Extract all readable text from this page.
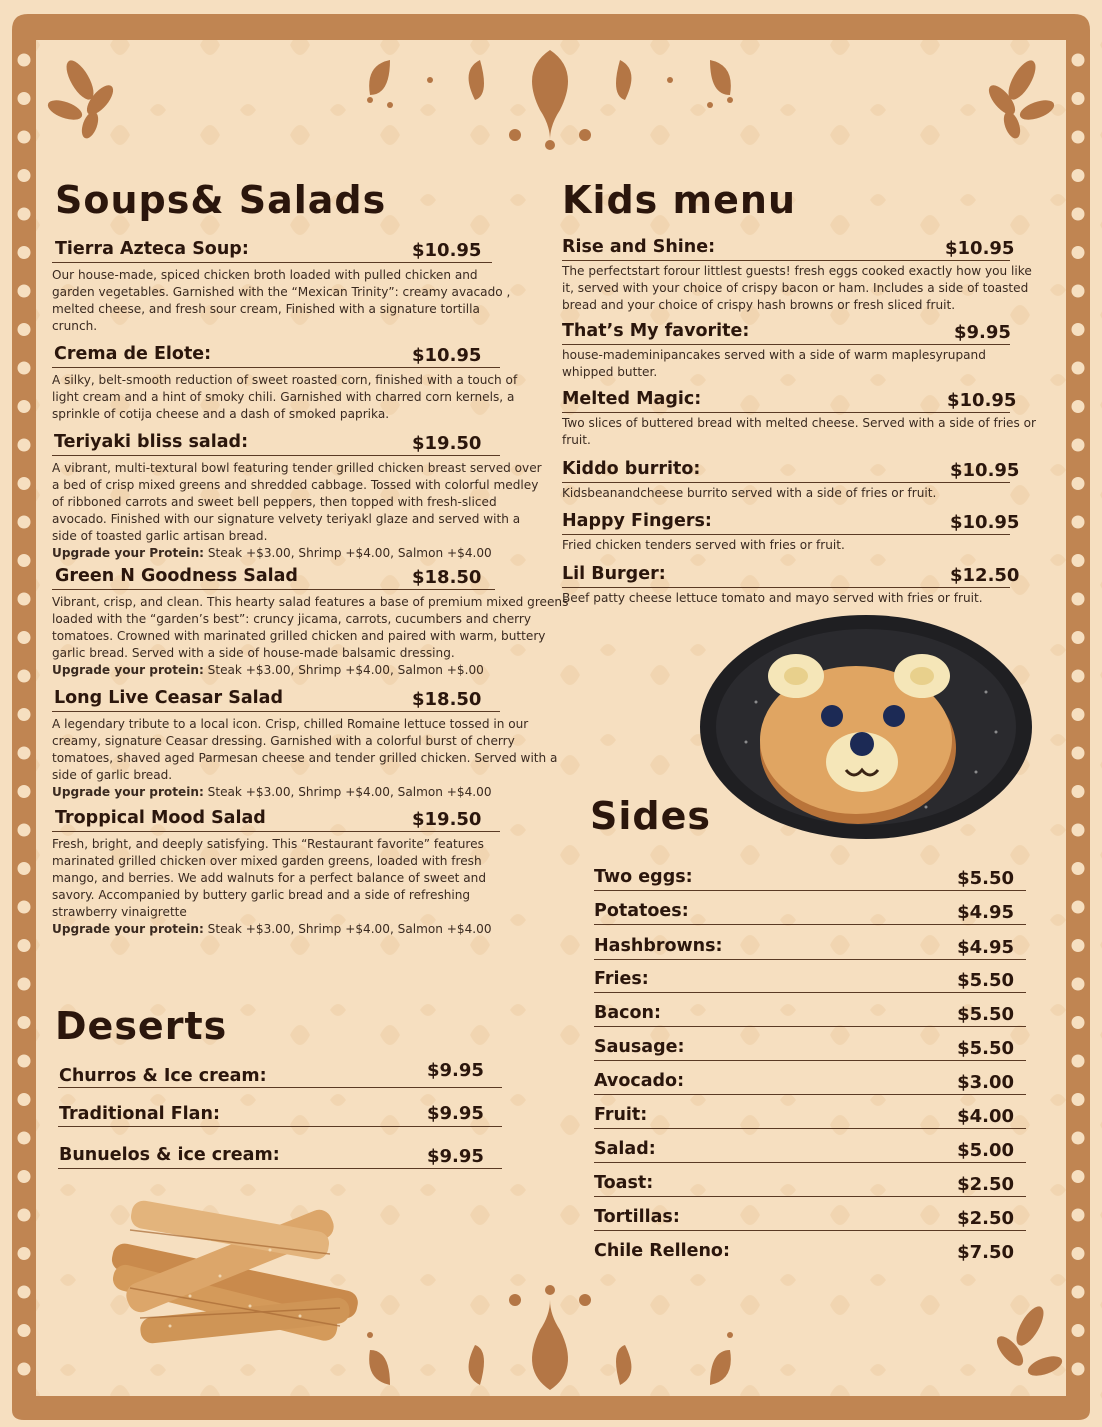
Soups& Salads
Tierra Azteca Soup:	$10.95
Our house-made, spiced chicken broth loaded with pulled chicken and garden vegetables. Garnished with the “Mexican Trinity”: creamy avacado , melted cheese, and fresh sour cream, Finished with a signature tortilla crunch.
Crema de Elote:	$10.95
A silky, belt-smooth reduction of sweet roasted corn, finished with a touch of light cream and a hint of smoky chili. Garnished with charred corn kernels, a sprinkle of cotija cheese and a dash of smoked paprika.
Teriyaki bliss salad:	$19.50
A vibrant, multi-textural bowl featuring tender grilled chicken breast served over a bed of crisp mixed greens and shredded cabbage. Tossed with colorful medley of ribboned carrots and sweet bell peppers, then topped with fresh-sliced avocado. Finished with our signature velvety teriyakl glaze and served with a side of toasted garlic artisan bread.
Upgrade your Protein: Steak +$3.00, Shrimp +$4.00, Salmon +$4.00
Green N Goodness Salad	$18.50
Vibrant, crisp, and clean. This hearty salad features a base of premium mixed greens loaded with the “garden’s best”: cruncy jicama, carrots, cucumbers and cherry tomatoes. Crowned with marinated grilled chicken and paired with warm, buttery garlic bread. Served with a side of house-made balsamic dressing.
Upgrade your protein: Steak +$3.00, Shrimp +$4.00, Salmon +$.00
Long Live Ceasar Salad	$18.50
A legendary tribute to a local icon. Crisp, chilled Romaine lettuce tossed in our creamy, signature Ceasar dressing. Garnished with a colorful burst of cherry tomatoes, shaved aged Parmesan cheese and tender grilled chicken. Served with a side of garlic bread.
Upgrade your protein: Steak +$3.00, Shrimp +$4.00, Salmon +$4.00
Troppical Mood Salad	$19.50
Fresh, bright, and deeply satisfying. This “Restaurant favorite” features marinated grilled chicken over mixed garden greens, loaded with fresh mango, and berries. We add walnuts for a perfect balance of sweet and savory. Accompanied by buttery garlic bread and a side of refreshing strawberry vinaigrette
Upgrade your protein: Steak +$3.00, Shrimp +$4.00, Salmon +$4.00
Kids menu
Rise and Shine:	$10.95
The perfectstart forour littlest guests! fresh eggs cooked exactly how you like it, served with your choice of crispy bacon or ham. Includes a side of toasted bread and your choice of crispy hash browns or fresh sliced fruit.
That’s My favorite:	$9.95
house-mademinipancakes served with a side of warm maplesyrupand whipped butter.
Melted Magic:	$10.95
Two slices of buttered bread with melted cheese. Served with a side of fries or fruit.
Kiddo burrito:	$10.95
Kidsbeanandcheese burrito served with a side of fries or fruit.
Happy Fingers:	$10.95
Fried chicken tenders served with fries or fruit.
Lil Burger:	$12.50
Beef patty cheese lettuce tomato and mayo served with fries or fruit.
Deserts
Churros & Ice cream:	$9.95
Traditional Flan:	$9.95
Bunuelos & ice cream:	$9.95
Sides
Two eggs:	$5.50
Potatoes:	$4.95
Hashbrowns:	$4.95
Fries:	$5.50
Bacon:	$5.50
Sausage:	$5.50
Avocado:	$3.00
Fruit:	$4.00
Salad:	$5.00
Toast:	$2.50
Tortillas:	$2.50
Chile Relleno:	$7.50
